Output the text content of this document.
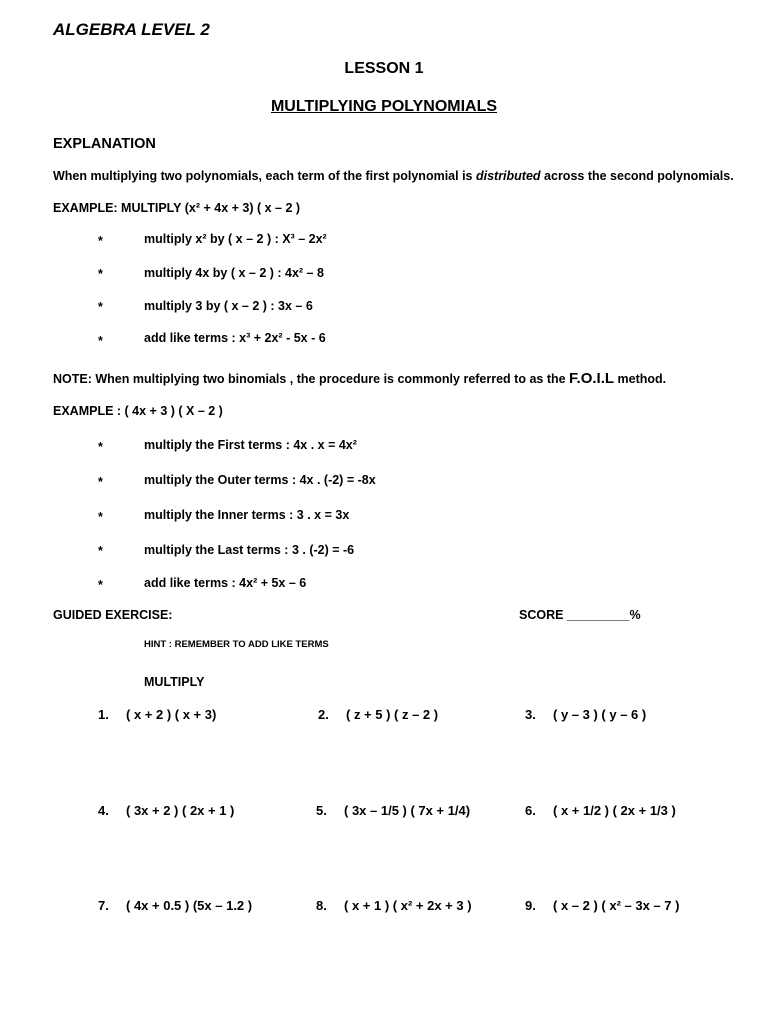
ALGEBRA LEVEL 2
LESSON 1
MULTIPLYING POLYNOMIALS
EXPLANATION
When multiplying two polynomials, each term of the first polynomial is distributed across the second polynomials.
EXAMPLE: MULTIPLY (x² + 4x + 3) ( x – 2 )
*	multiply x² by ( x – 2 ) : X³ – 2x²
*	multiply 4x by ( x – 2 ) : 4x² – 8
*	multiply 3 by ( x – 2 ) : 3x – 6
*	add like terms : x³ + 2x² - 5x - 6
NOTE: When multiplying two binomials , the procedure is commonly referred to as the F.O.I.L method.
EXAMPLE : ( 4x + 3 ) ( X – 2 )
*	multiply the First terms : 4x . x = 4x²
*	multiply the Outer terms : 4x . (-2) = -8x
*	multiply the Inner terms : 3 . x = 3x
*	multiply the Last terms : 3 . (-2) = -6
*	add like terms : 4x² + 5x – 6
GUIDED EXERCISE:	SCORE _________%
HINT : REMEMBER TO ADD LIKE TERMS
MULTIPLY
1. ( x + 2 ) ( x + 3)	2. ( z + 5 ) ( z – 2 )	3. ( y – 3 ) ( y – 6 )
4. ( 3x + 2 ) ( 2x + 1 )	5. ( 3x – 1/5 ) ( 7x + 1/4)	6. ( x + 1/2 ) ( 2x + 1/3 )
7. ( 4x + 0.5 ) (5x – 1.2 )	8. ( x + 1 ) ( x² + 2x + 3 )	9. ( x – 2 ) ( x² – 3x – 7 )
